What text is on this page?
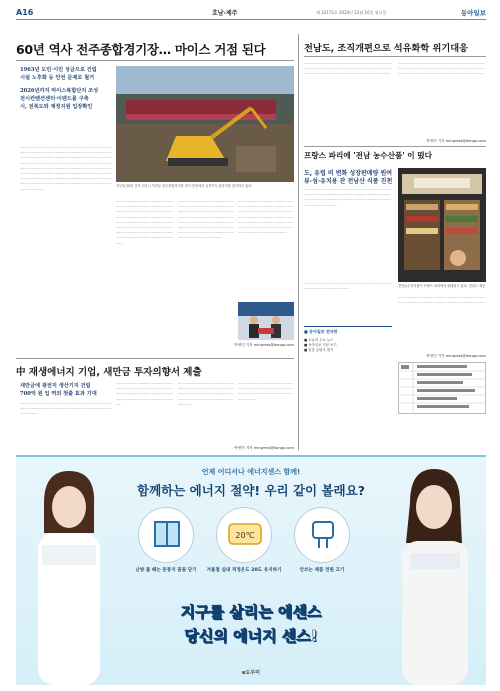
A16	호남·제주	제 32172호 2024년 12월 16일 월요일	동아일보
60년 역사 전주종합경기장… 마이스 거점 된다
1963년 도민·시민 성금으로 건립
시설 노후화 등 안전 문제로 철거
2026년까지 마이스복합단지 조성
전시컨벤션센터·이랜드몰 구축
시, 전북도와 재정지원 입장확인
······························································································································································································································································································································································································································································································································································································································································································································
지난달 20일 전북 전주시 덕진동 전주종합경기장 철거 현장에서 굴착기가 관중석을 철거하고 있다.
··············································································································································································································································································································································································································································
··············································································································································································································································································································································································································
·······························································································································································································································································································································································
박영민 기자 minpress@donga.com
中 재생에너지 기업, 새만금 투자의향서 제출
새만금에 광전지 생산기지 건립
700억 원 입 역외 첫출 효과 기대
··························································································································································································
·························································································································································································································
·························································································································································································································
·········································································································································································
박영민 기자 minpress@donga.com
전남도, 조직개편으로 석유화학 위기대응
··················································································································································································································································
··················································································································································································································································
박영민 기자 minpress@donga.com
프랑스 파리에 '전남 농수산품' 이 떴다
도, 유럽 비 변화 성장판매량 원여
뷰·섬·유치용 잔 전남산 식품 진천
··················································································································································································································································································
전남농수산식품이 프랑스 파리에서 판매되고 있다. 전남도 제공
···························································································································
·································································································································································
박영민 기자 minpress@donga.com
■ 동아일보 전자판
■ 오늘의 주요 뉴스
■ 동아일보 전문 보기
■ 맞춤 콘텐츠 찾기
언제 어디서나 에너지센스 함께!
함께하는 에너지 절약! 우리 같이 볼래요?
20℃
난방 틀 때는 문풍지 꼼꼼 닫기	겨울철 실내 적정온도 20도 유지하기	안쓰는 제품 전원 끄기
지구를 살리는 에센스
당신의 에너지 센스!
e도우미
